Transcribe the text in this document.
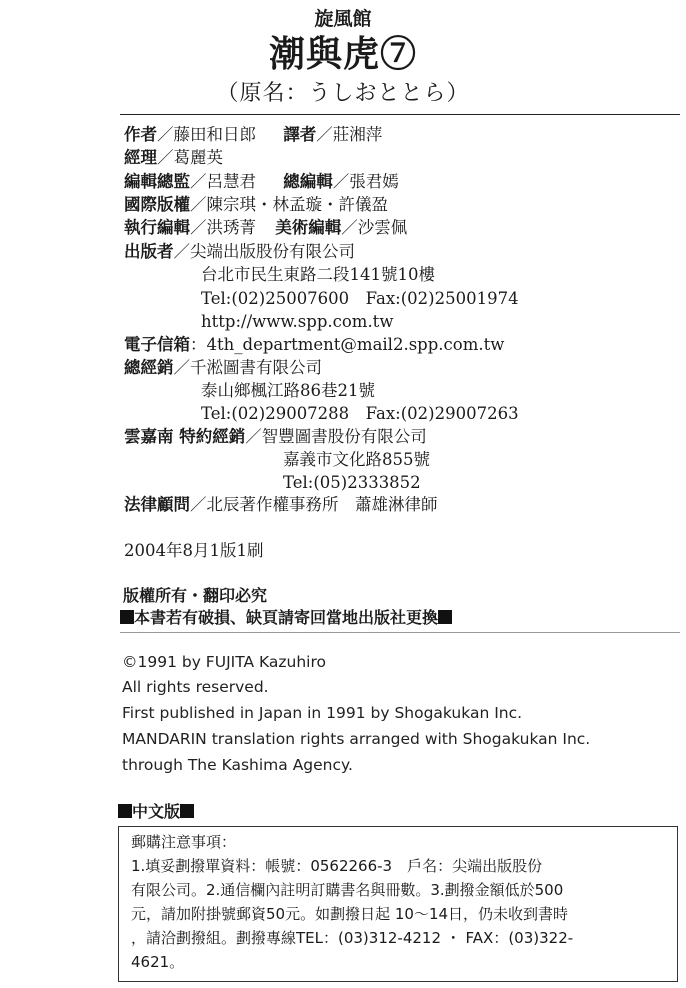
旋風館
潮與虎⑦
（原名：うしおととら）
作者／藤田和日郎 譯者／莊湘萍
經理／葛麗英
編輯總監／呂慧君 總編輯／張君嫣
國際版權／陳宗琪・林孟璇・許儀盈
執行編輯／洪琇菁 美術編輯／沙雲佩
出版者／尖端出版股份有限公司
台北市民生東路二段141號10樓
Tel:(02)25007600　Fax:(02)25001974
http://www.spp.com.tw
電子信箱：4th_department@mail2.spp.com.tw
總經銷／千淞圖書有限公司
泰山鄉楓江路86巷21號
Tel:(02)29007288　Fax:(02)29007263
雲嘉南 特約經銷／智豐圖書股份有限公司
嘉義市文化路855號
Tel:(05)2333852
法律顧問／北辰著作權事務所　蕭雄淋律師
2004年8月1版1刷
版權所有・翻印必究
本書若有破損、缺頁請寄回當地出版社更換
©1991 by FUJITA Kazuhiro
All rights reserved.
First published in Japan in 1991 by Shogakukan Inc.
MANDARIN translation rights arranged with Shogakukan Inc.
through The Kashima Agency.
中文版
郵購注意事項：
1.填妥劃撥單資料：帳號：0562266-3　戶名：尖端出版股份
有限公司。2.通信欄內註明訂購書名與冊數。3.劃撥金額低於500
元，請加附掛號郵資50元。如劃撥日起 10～14日，仍未收到書時
，請洽劃撥組。劃撥專線TEL：(03)312-4212 ・ FAX：(03)322-
4621。
